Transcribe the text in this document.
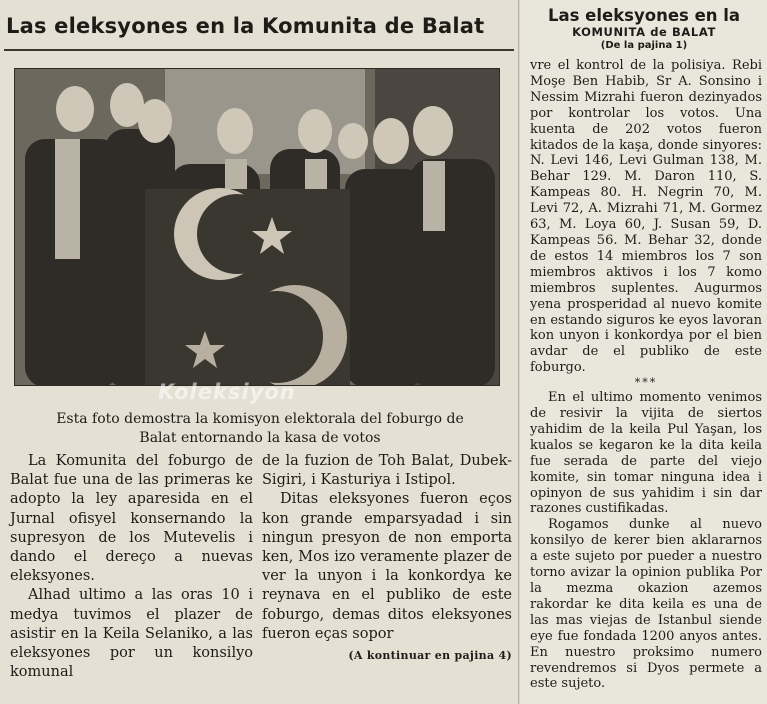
Las eleksyones en la Komunita de Balat
Koleksiyon
Esta foto demostra la komisyon elektorala del foburgo de
Balat entornando la kasa de votos

La Komunita del foburgo de Balat fue una de las primeras ke adopto la ley aparesida en el Jurnal ofisyel konsernando la supresyon de los Mutevelis i dando el dereço a nuevas eleksyones.

Alhad ultimo a las oras 10 i medya tuvimos el plazer de asistir en la Keila Selaniko, a las eleksyones por un konsilyo komunal

de la fuzion de Toh Balat, Dubek-Sigiri, i Kasturiya i Istipol.

Ditas eleksyones fueron eços kon grande emparsyadad i sin ningun presyon de non emporta ken, Mos izo veramente plazer de ver la unyon i la konkordya ke reynava en el publiko de este foburgo, demas ditos eleksyones fueron eças sopor

(A kontinuar en pajina 4)
Las eleksyones en la
KOMUNITA de BALAT
(De la pajina 1)

vre el kontrol de la polisiya. Rebi Moşe Ben Habib, Sr A. Sonsino i Nessim Mizrahi fueron dezinyados por kontrolar los votos. Una kuenta de 202 votos fueron kitados de la kaşa, donde sinyores: N. Levi 146, Levi Gulman 138, M. Behar 129. M. Daron 110, S. Kampeas 80. H. Negrin 70, M. Levi 72, A. Mizrahi 71, M. Gormez 63, M. Loya 60, J. Susan 59, D. Kampeas 56. M. Behar 32, donde de estos 14 miembros los 7 son miembros aktivos i los 7 komo miembros suplentes. Augurmos yena prosperidad al nuevo komite en estando siguros ke eyos lavoran kon unyon i konkordya por el bien avdar de el publiko de este foburgo.

***

En el ultimo momento venimos de resivir la vijita de siertos yahidim de la keila Pul Yaşan, los kualos se kegaron ke la dita keila fue serada de parte del viejo komite, sin tomar ninguna idea i opinyon de sus yahidim i sin dar razones custifikadas.

Rogamos dunke al nuevo konsilyo de kerer bien aklararnos a este sujeto por pueder a nuestro torno avizar la opinion publika Por la mezma okazion azemos rakordar ke dita keila es una de las mas viejas de Istanbul siende eye fue fondada 1200 anyos antes. En nuestro proksimo numero revendremos si Dyos permete a este sujeto.
